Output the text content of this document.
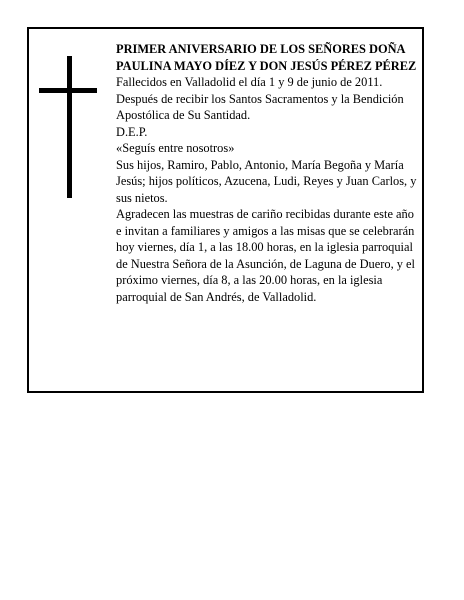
PRIMER ANIVERSARIO DE LOS SEÑORES DOÑA PAULINA MAYO DÍEZ Y DON JESÚS PÉREZ PÉREZ

Fallecidos en Valladolid el día 1 y 9 de junio de 2011.

Después de recibir los Santos Sacramentos y la Bendición Apostólica de Su Santidad.

D.E.P.

«Seguís entre nosotros»

Sus hijos, Ramiro, Pablo, Antonio, María Begoña y María Jesús; hijos políticos, Azucena, Ludi, Reyes y Juan Carlos, y sus nietos.

Agradecen las muestras de cariño recibidas durante este año e invitan a familiares y amigos a las misas que se celebrarán hoy viernes, día 1, a las 18.00 horas, en la iglesia parroquial de Nuestra Señora de la Asunción, de Laguna de Duero, y el próximo viernes, día 8, a las 20.00 horas, en la iglesia parroquial de San Andrés, de Valladolid.
